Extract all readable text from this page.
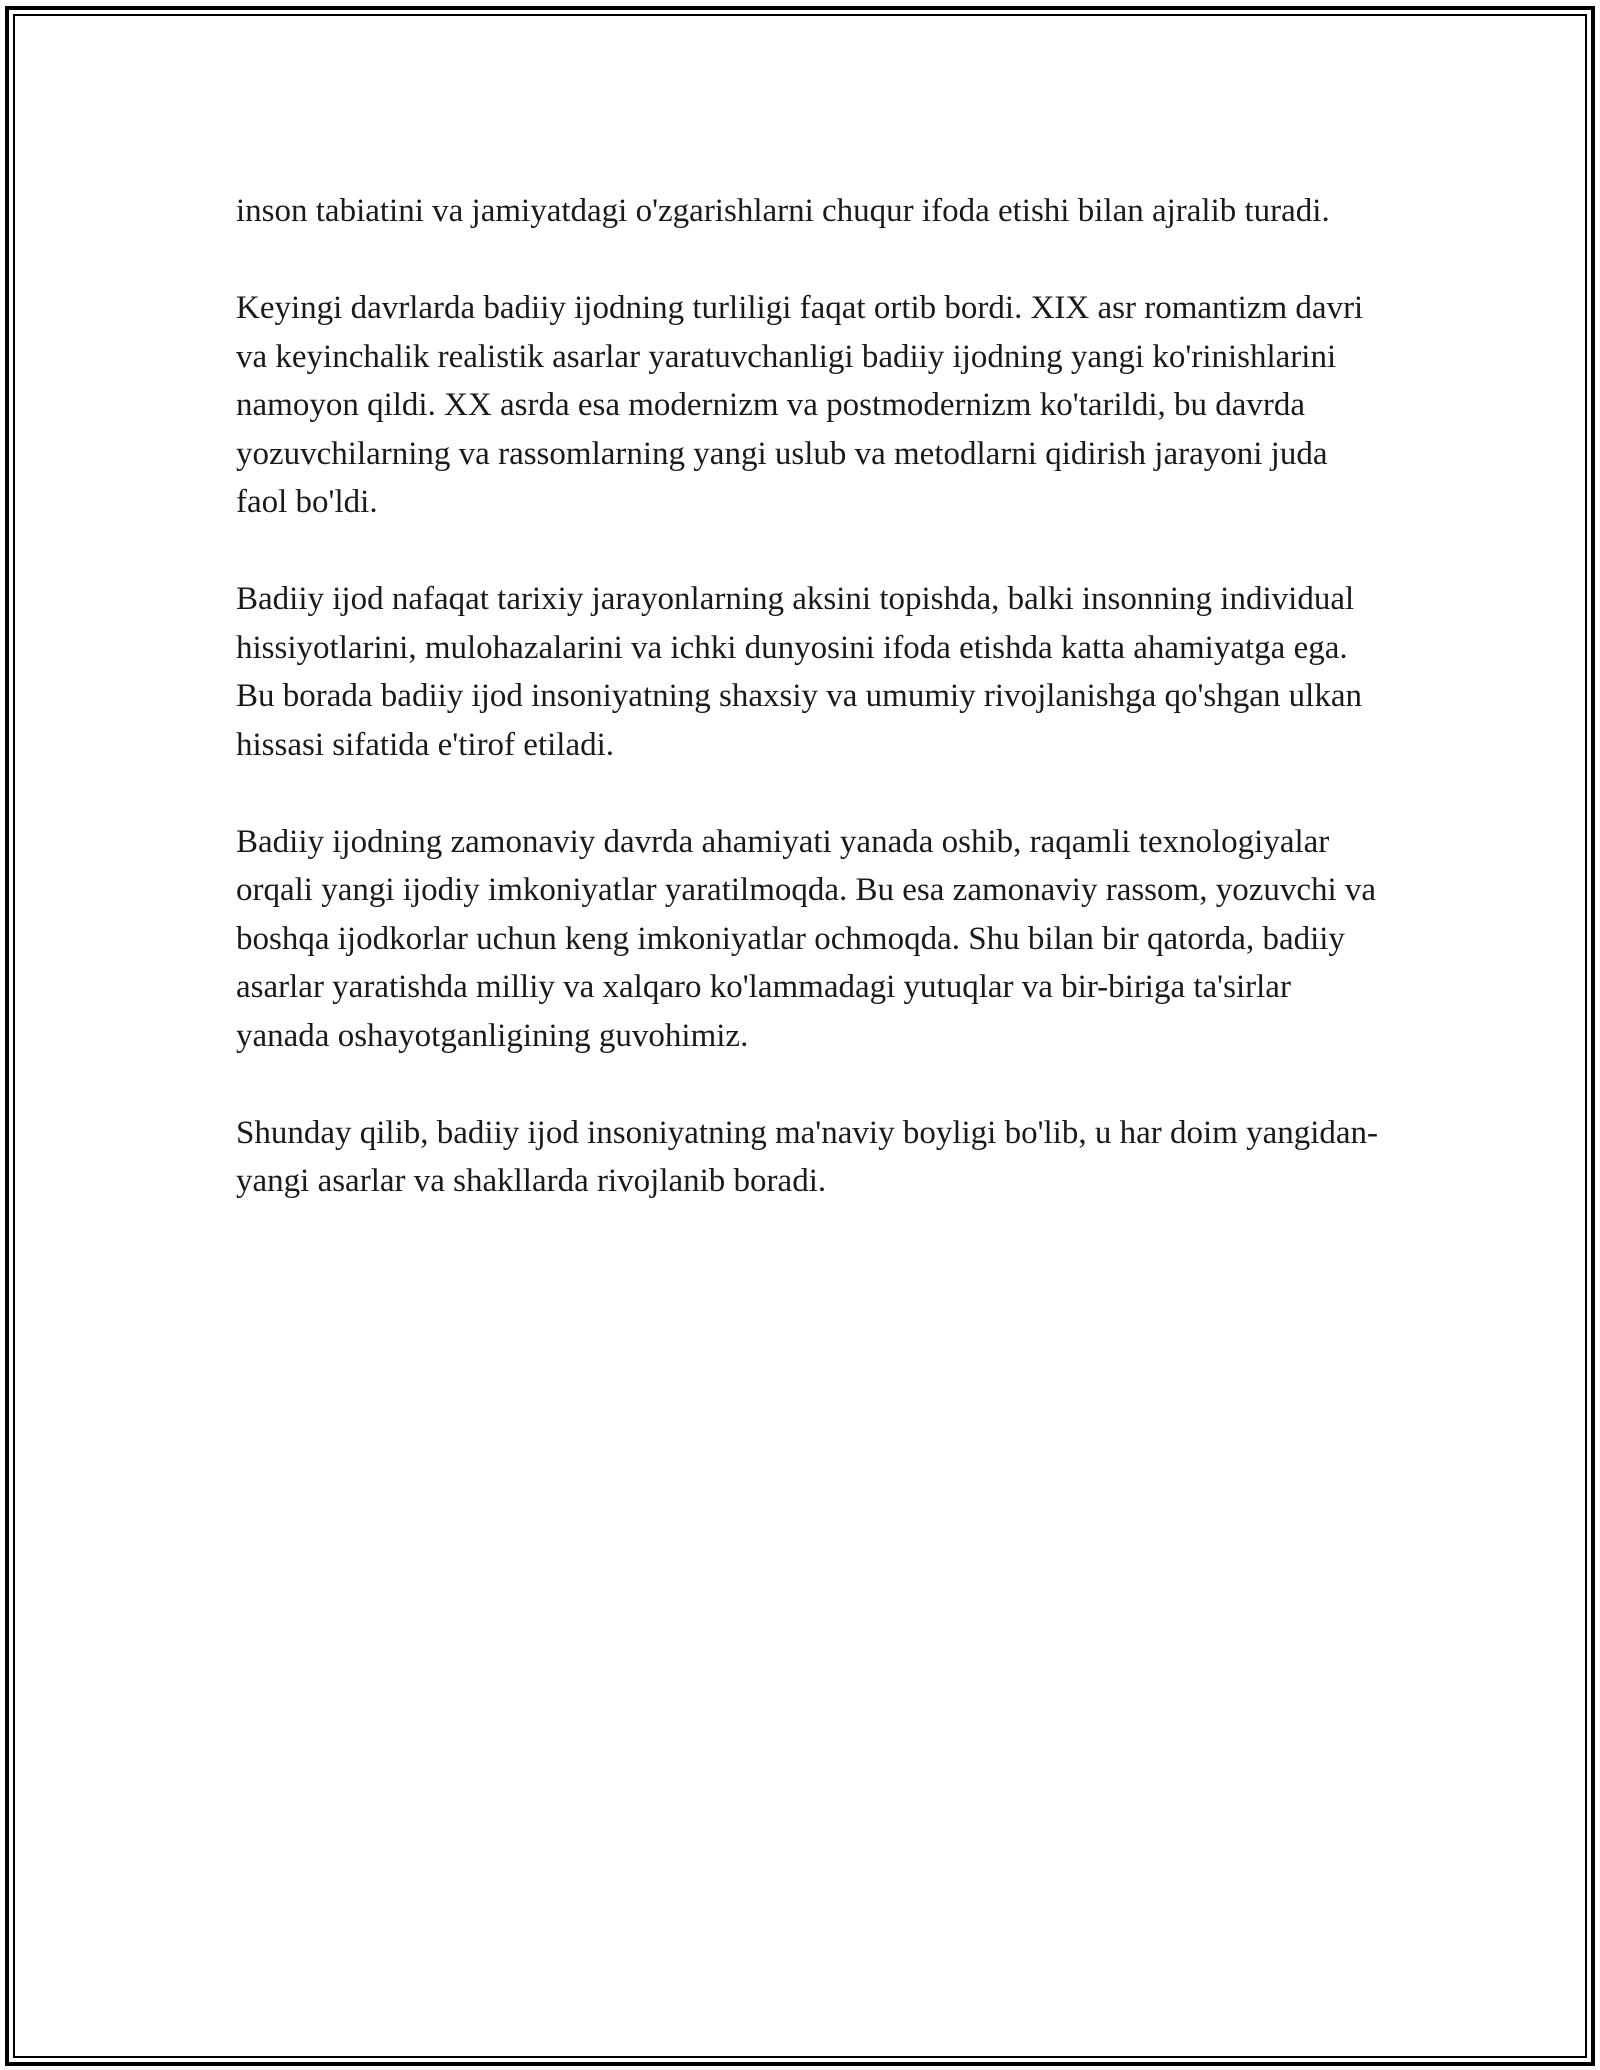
inson tabiatini va jamiyatdagi o'zgarishlarni chuqur ifoda etishi bilan ajralib turadi.

Keyingi davrlarda badiiy ijodning turliligi faqat ortib bordi. XIX asr romantizm davri va keyinchalik realistik asarlar yaratuvchanligi badiiy ijodning yangi ko'rinishlarini namoyon qildi. XX asrda esa modernizm va postmodernizm ko'tarildi, bu davrda yozuvchilarning va rassomlarning yangi uslub va metodlarni qidirish jarayoni juda faol bo'ldi.

Badiiy ijod nafaqat tarixiy jarayonlarning aksini topishda, balki insonning individual hissiyotlarini, mulohazalarini va ichki dunyosini ifoda etishda katta ahamiyatga ega. Bu borada badiiy ijod insoniyatning shaxsiy va umumiy rivojlanishga qo'shgan ulkan hissasi sifatida e'tirof etiladi.

Badiiy ijodning zamonaviy davrda ahamiyati yanada oshib, raqamli texnologiyalar orqali yangi ijodiy imkoniyatlar yaratilmoqda. Bu esa zamonaviy rassom, yozuvchi va boshqa ijodkorlar uchun keng imkoniyatlar ochmoqda. Shu bilan bir qatorda, badiiy asarlar yaratishda milliy va xalqaro ko'lammadagi yutuqlar va bir-biriga ta'sirlar yanada oshayotganligining guvohimiz.

Shunday qilib, badiiy ijod insoniyatning ma'naviy boyligi bo'lib, u har doim yangidan-yangi asarlar va shakllarda rivojlanib boradi.
